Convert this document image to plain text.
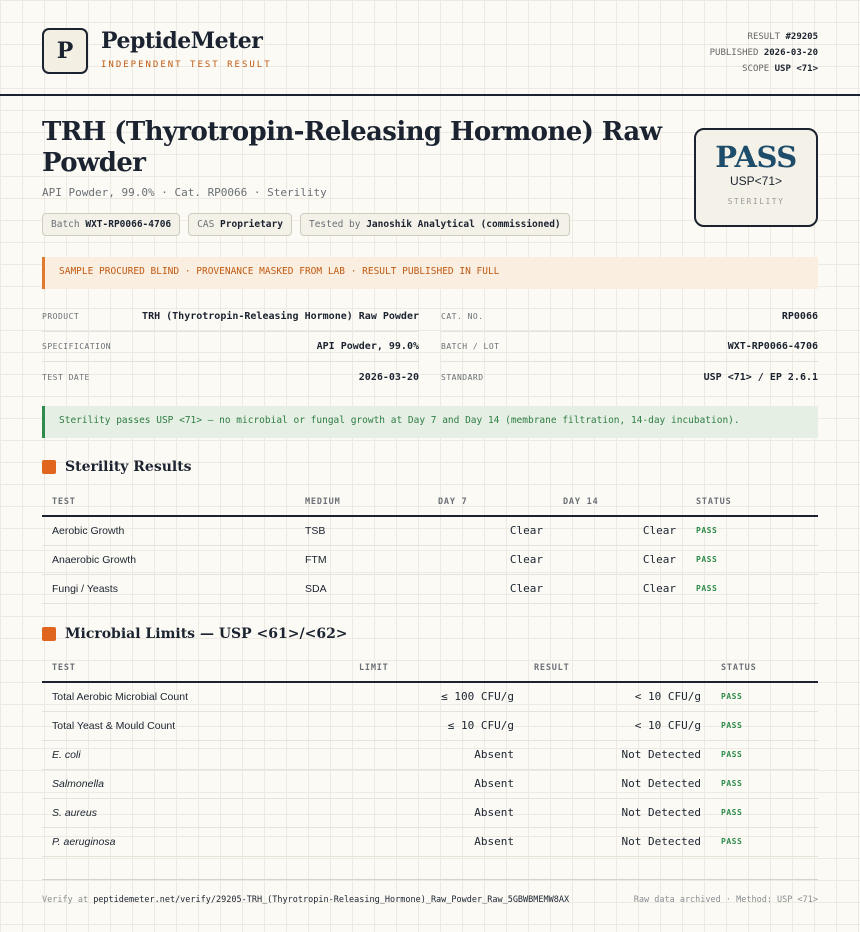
P PeptideMeter
INDEPENDENT TEST RESULT
RESULT #29205
PUBLISHED 2026-03-20
SCOPE USP <71>
TRH (Thyrotropin-Releasing Hormone) Raw Powder
API Powder, 99.0% · Cat. RP0066 · Sterility
Batch WXT-RP0066-4706	CAS Proprietary	Tested by Janoshik Analytical (commissioned)
PASS
USP<71>
STERILITY
SAMPLE PROCURED BLIND · PROVENANCE MASKED FROM LAB · RESULT PUBLISHED IN FULL
PRODUCT	TRH (Thyrotropin-Releasing Hormone) Raw Powder
SPECIFICATION	API Powder, 99.0%
TEST DATE	2026-03-20
CAT. NO.	RP0066
BATCH / LOT	WXT-RP0066-4706
STANDARD	USP <71> / EP 2.6.1
Sterility passes USP <71> — no microbial or fungal growth at Day 7 and Day 14 (membrane filtration, 14-day incubation).
Sterility Results
TEST	MEDIUM	DAY 7	DAY 14	STATUS
Aerobic Growth	TSB	Clear	Clear	PASS
Anaerobic Growth	FTM	Clear	Clear	PASS
Fungi / Yeasts	SDA	Clear	Clear	PASS
Microbial Limits — USP <61>/<62>
TEST	LIMIT	RESULT	STATUS
Total Aerobic Microbial Count	≤ 100 CFU/g	< 10 CFU/g	PASS
Total Yeast & Mould Count	≤ 10 CFU/g	< 10 CFU/g	PASS
E. coli	Absent	Not Detected	PASS
Salmonella	Absent	Not Detected	PASS
S. aureus	Absent	Not Detected	PASS
P. aeruginosa	Absent	Not Detected	PASS
Verify at peptidemeter.net/verify/29205-TRH_(Thyrotropin-Releasing_Hormone)_Raw_Powder_Raw_5GBWBMEMW8AX	Raw data archived · Method: USP <71>
